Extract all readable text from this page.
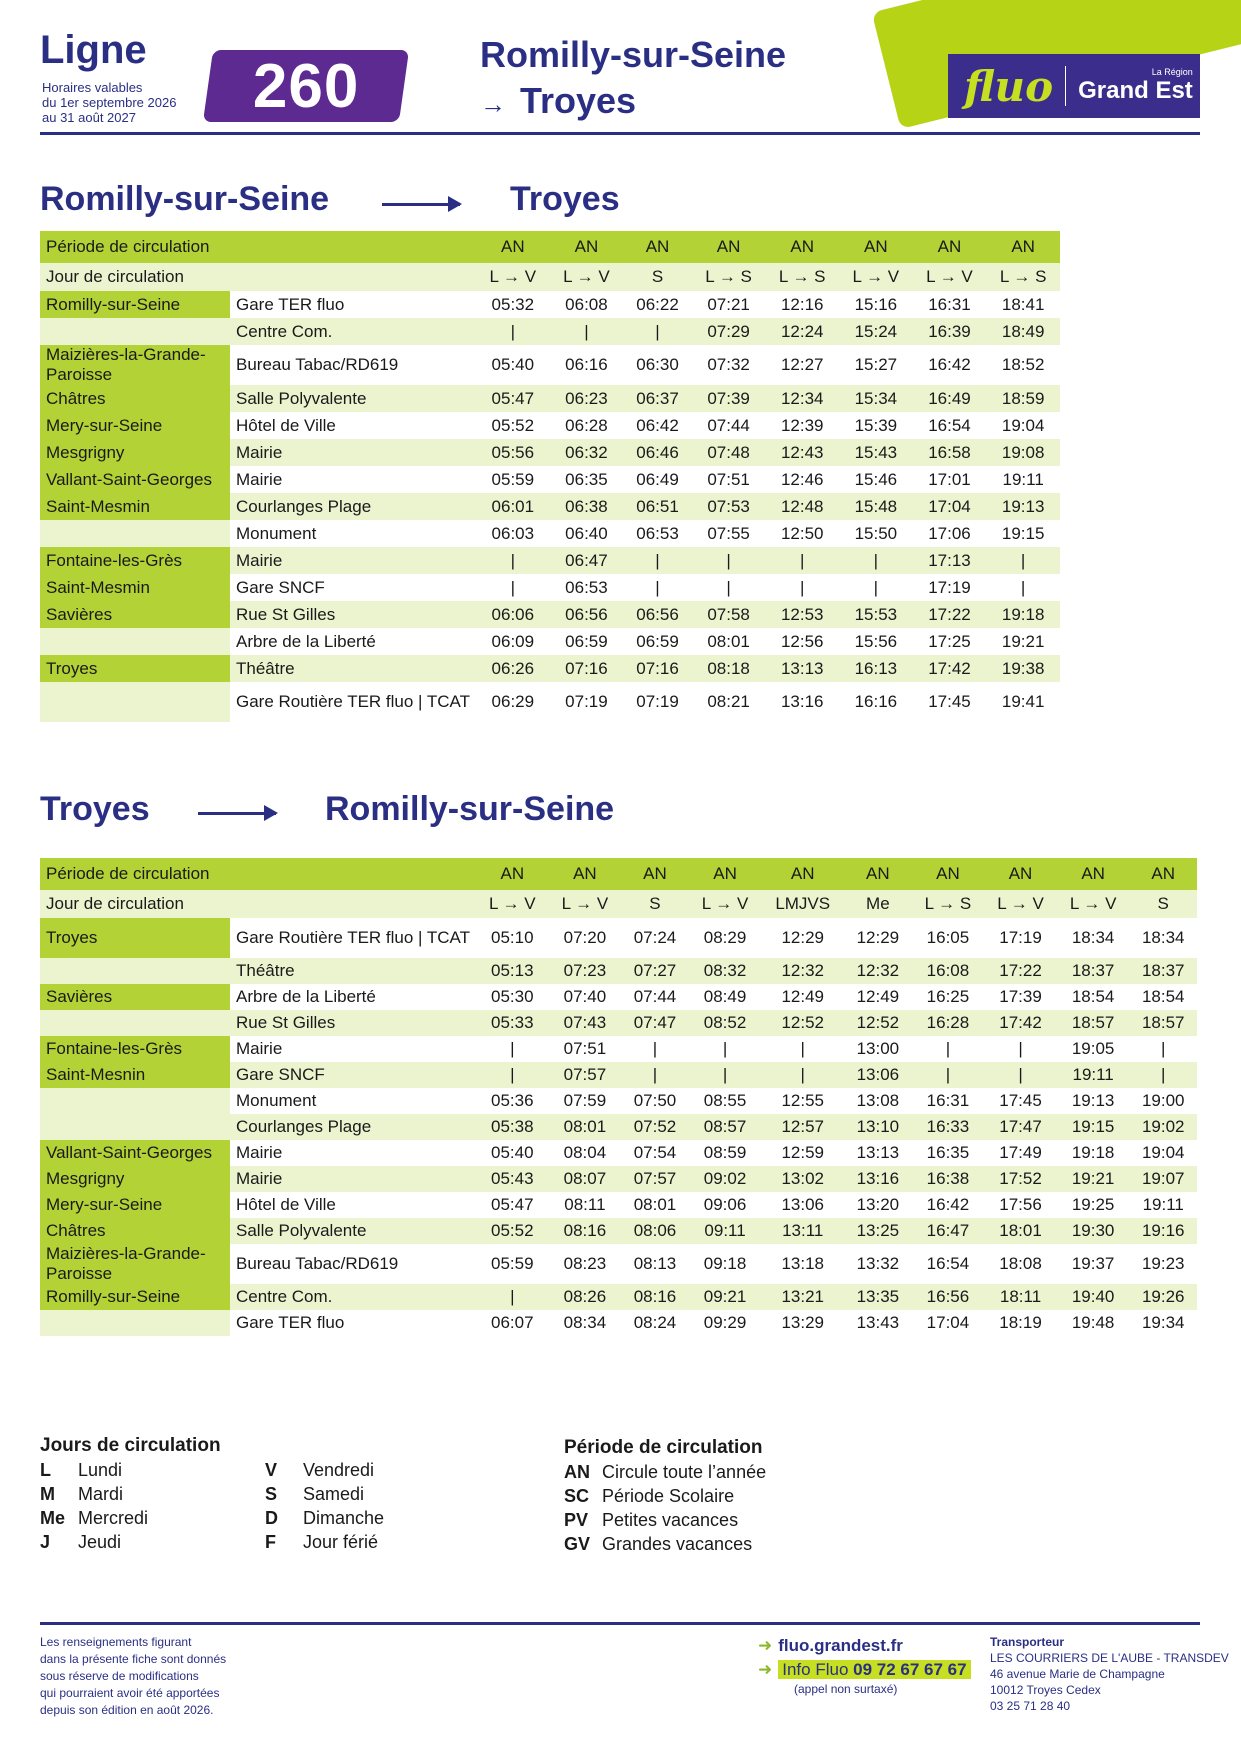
Ligne
Horaires valables
du 1er septembre 2026
au 31 août 2027	260	Romilly-sur-Seine
→ Troyes	fluo	La Région
Grand Est
Romilly-sur-Seine	Troyes
Période de circulation		AN	AN	AN	AN	AN	AN	AN	AN
Jour de circulation		L → V	L → V	S	L → S	L → S	L → V	L → V	L → S
Romilly-sur-Seine	Gare TER fluo	05:32	06:08	06:22	07:21	12:16	15:16	16:31	18:41
	Centre Com.	|	|	|	07:29	12:24	15:24	16:39	18:49
Maizières-la-Grande-Paroisse	Bureau Tabac/RD619	05:40	06:16	06:30	07:32	12:27	15:27	16:42	18:52
Châtres	Salle Polyvalente	05:47	06:23	06:37	07:39	12:34	15:34	16:49	18:59
Mery-sur-Seine	Hôtel de Ville	05:52	06:28	06:42	07:44	12:39	15:39	16:54	19:04
Mesgrigny	Mairie	05:56	06:32	06:46	07:48	12:43	15:43	16:58	19:08
Vallant-Saint-Georges	Mairie	05:59	06:35	06:49	07:51	12:46	15:46	17:01	19:11
Saint-Mesmin	Courlanges Plage	06:01	06:38	06:51	07:53	12:48	15:48	17:04	19:13
	Monument	06:03	06:40	06:53	07:55	12:50	15:50	17:06	19:15
Fontaine-les-Grès	Mairie	|	06:47	|	|	|	|	17:13	|
Saint-Mesmin	Gare SNCF	|	06:53	|	|	|	|	17:19	|
Savières	Rue St Gilles	06:06	06:56	06:56	07:58	12:53	15:53	17:22	19:18
	Arbre de la Liberté	06:09	06:59	06:59	08:01	12:56	15:56	17:25	19:21
Troyes	Théâtre	06:26	07:16	07:16	08:18	13:13	16:13	17:42	19:38
	Gare Routière TER fluo | TCAT	06:29	07:19	07:19	08:21	13:16	16:16	17:45	19:41
Troyes	Romilly-sur-Seine
Période de circulation		AN	AN	AN	AN	AN	AN	AN	AN	AN	AN
Jour de circulation		L → V	L → V	S	L → V	LMJVS	Me	L → S	L → V	L → V	S
Troyes	Gare Routière TER fluo | TCAT	05:10	07:20	07:24	08:29	12:29	12:29	16:05	17:19	18:34	18:34
	Théâtre	05:13	07:23	07:27	08:32	12:32	12:32	16:08	17:22	18:37	18:37
Savières	Arbre de la Liberté	05:30	07:40	07:44	08:49	12:49	12:49	16:25	17:39	18:54	18:54
	Rue St Gilles	05:33	07:43	07:47	08:52	12:52	12:52	16:28	17:42	18:57	18:57
Fontaine-les-Grès	Mairie	|	07:51	|	|	|	13:00	|	|	19:05	|
Saint-Mesnin	Gare SNCF	|	07:57	|	|	|	13:06	|	|	19:11	|
	Monument	05:36	07:59	07:50	08:55	12:55	13:08	16:31	17:45	19:13	19:00
	Courlanges Plage	05:38	08:01	07:52	08:57	12:57	13:10	16:33	17:47	19:15	19:02
Vallant-Saint-Georges	Mairie	05:40	08:04	07:54	08:59	12:59	13:13	16:35	17:49	19:18	19:04
Mesgrigny	Mairie	05:43	08:07	07:57	09:02	13:02	13:16	16:38	17:52	19:21	19:07
Mery-sur-Seine	Hôtel de Ville	05:47	08:11	08:01	09:06	13:06	13:20	16:42	17:56	19:25	19:11
Châtres	Salle Polyvalente	05:52	08:16	08:06	09:11	13:11	13:25	16:47	18:01	19:30	19:16
Maizières-la-Grande-Paroisse	Bureau Tabac/RD619	05:59	08:23	08:13	09:18	13:18	13:32	16:54	18:08	19:37	19:23
Romilly-sur-Seine	Centre Com.	|	08:26	08:16	09:21	13:21	13:35	16:56	18:11	19:40	19:26
	Gare TER fluo	06:07	08:34	08:24	09:29	13:29	13:43	17:04	18:19	19:48	19:34
Jours de circulation
L Lundi
M Mardi
Me Mercredi
J Jeudi
V Vendredi
S Samedi
D Dimanche
F Jour férié
Période de circulation
AN Circule toute l’année
SC Période Scolaire
PV Petites vacances
GV Grandes vacances
Les renseignements figurant
dans la présente fiche sont donnés
sous réserve de modifications
qui pourraient avoir été apportées
depuis son édition en août 2026.
➜ fluo.grandest.fr
➜ Info Fluo 09 72 67 67 67
(appel non surtaxé)
Transporteur
LES COURRIERS DE L'AUBE - TRANSDEV
46 avenue Marie de Champagne
10012 Troyes Cedex
03 25 71 28 40
